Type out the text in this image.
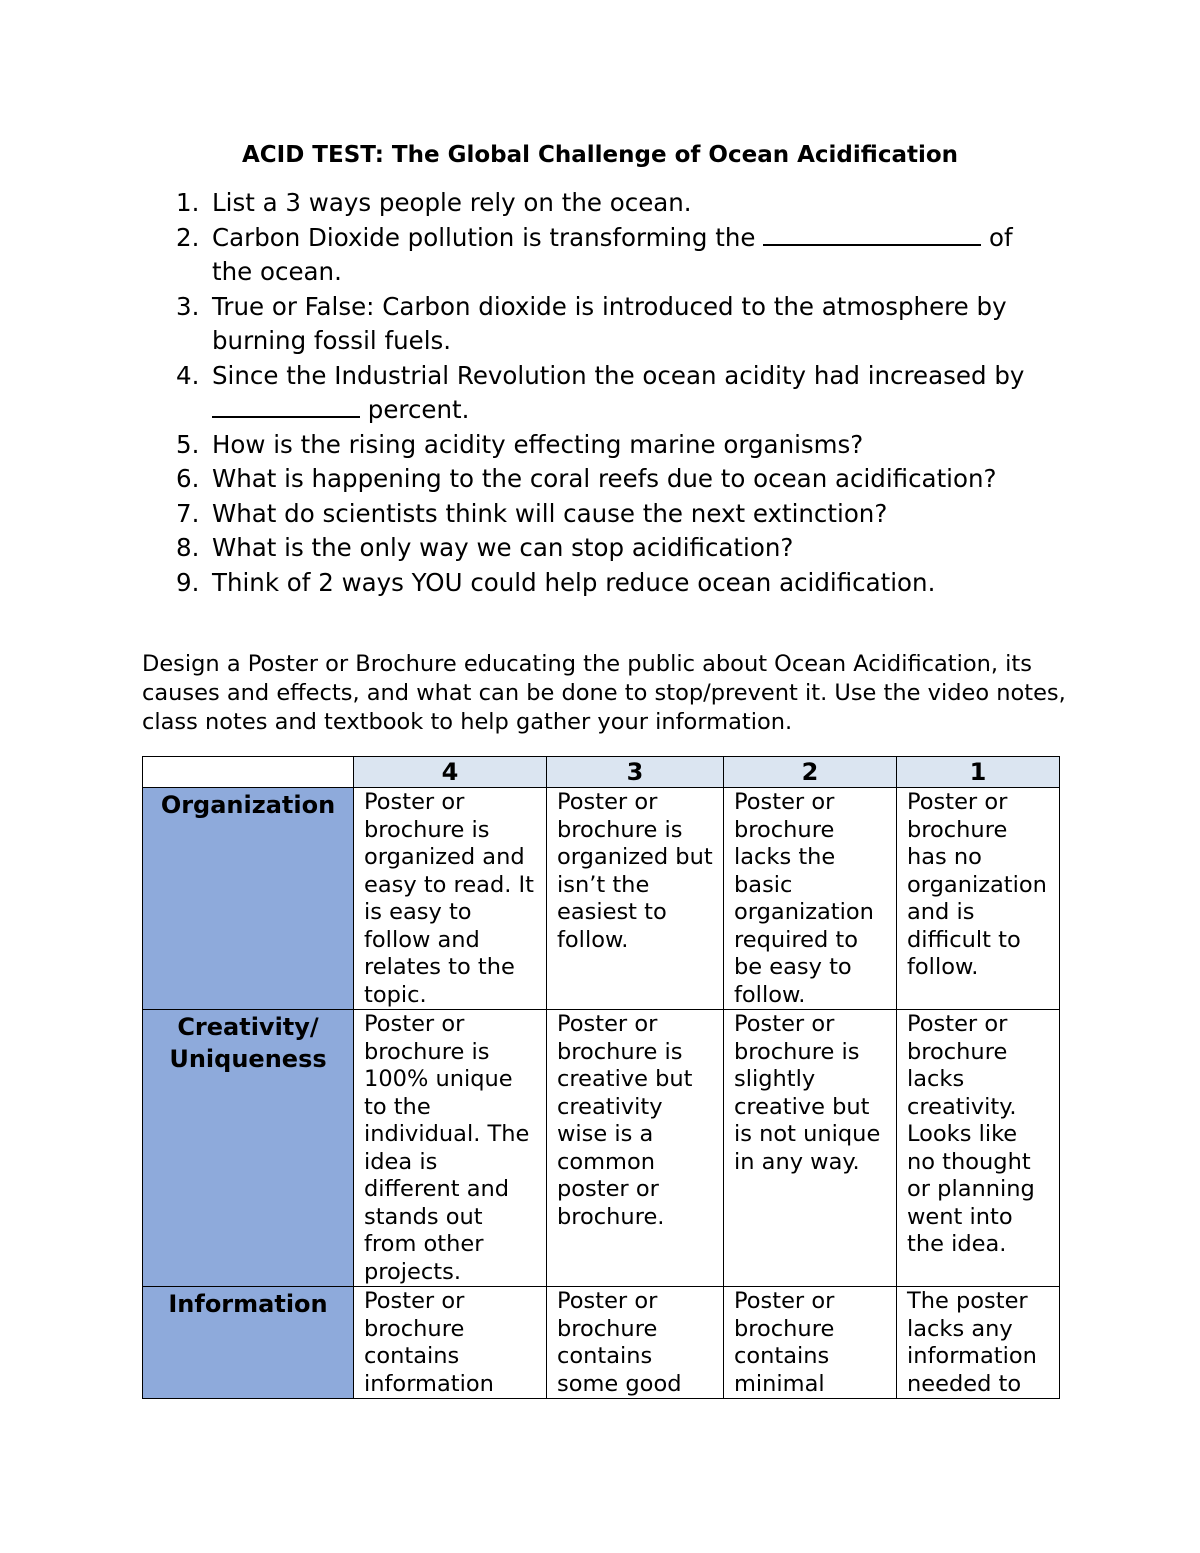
ACID TEST: The Global Challenge of Ocean Acidification
1. List a 3 ways people rely on the ocean.
2. Carbon Dioxide pollution is transforming the	of the ocean.
3. True or False: Carbon dioxide is introduced to the atmosphere by burning fossil fuels.
4. Since the Industrial Revolution the ocean acidity had increased by  percent.
5. How is the rising acidity effecting marine organisms?
6. What is happening to the coral reefs due to ocean acidification?
7. What do scientists think will cause the next extinction?
8. What is the only way we can stop acidification?
9. Think of 2 ways YOU could help reduce ocean acidification.

Design a Poster or Brochure educating the public about Ocean Acidification, its causes and effects, and what can be done to stop/prevent it. Use the video notes, class notes and textbook to help gather your information.

	4	3	2	1
Organization	Poster or brochure is organized and easy to read. It is easy to follow and relates to the topic.	Poster or brochure is organized but isn’t the easiest to follow.	Poster or brochure lacks the basic organization required to be easy to follow.	Poster or brochure has no organization and is difficult to follow.
Creativity/ Uniqueness	Poster or brochure is 100% unique to the individual. The idea is different and stands out from other projects.	Poster or brochure is creative but creativity wise is a common poster or brochure.	Poster or brochure is slightly creative but is not unique in any way.	Poster or brochure lacks creativity. Looks like no thought or planning went into the idea.
Information	Poster or brochure contains information	Poster or brochure contains some good	Poster or brochure contains minimal	The poster lacks any information needed to
